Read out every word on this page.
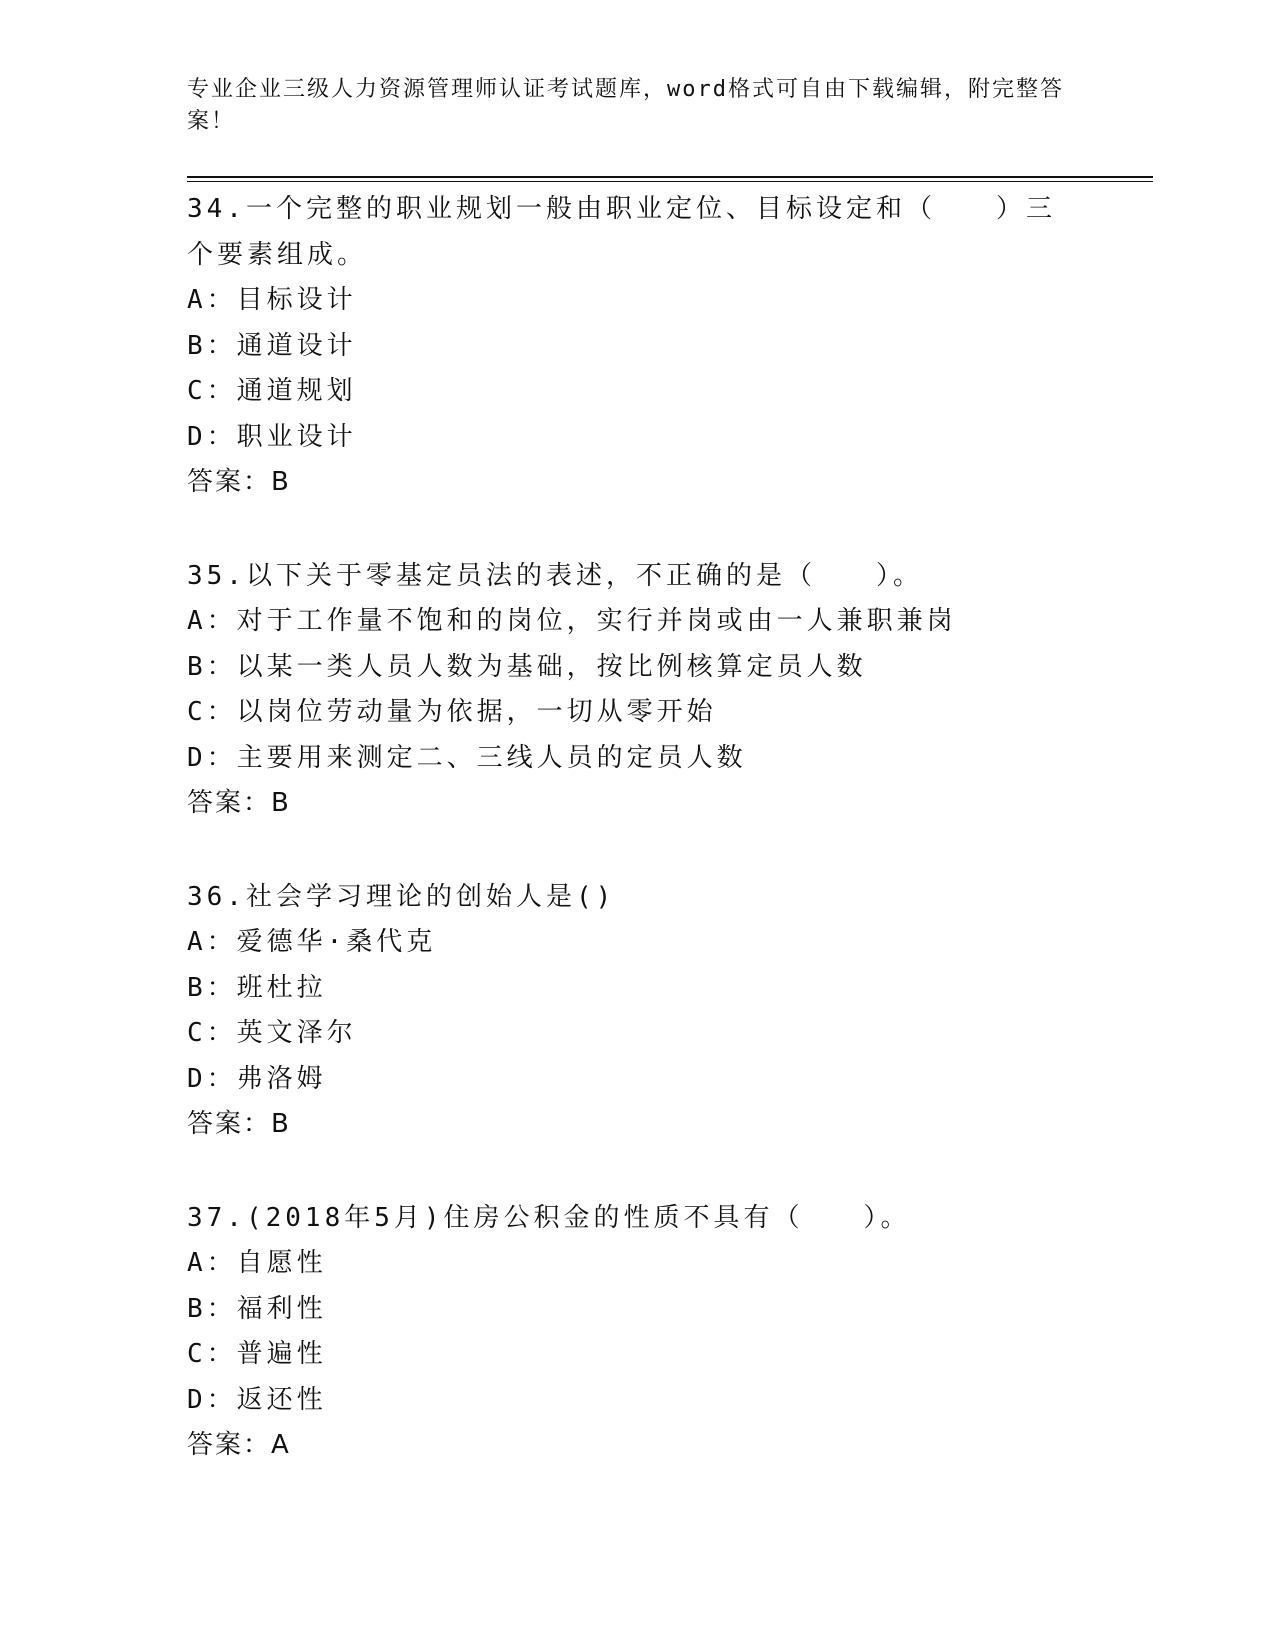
专业企业三级人力资源管理师认证考试题库，word格式可自由下载编辑，附完整答案！
34.一个完整的职业规划一般由职业定位、目标设定和（　　）三个要素组成。
A：目标设计
B：通道设计
C：通道规划
D：职业设计
答案：B
35.以下关于零基定员法的表述，不正确的是（　　）。
A：对于工作量不饱和的岗位，实行并岗或由一人兼职兼岗
B：以某一类人员人数为基础，按比例核算定员人数
C：以岗位劳动量为依据，一切从零开始
D：主要用来测定二、三线人员的定员人数
答案：B
36.社会学习理论的创始人是()
A：爱德华·桑代克
B：班杜拉
C：英文泽尔
D：弗洛姆
答案：B
37.(2018年5月)住房公积金的性质不具有（　　）。
A：自愿性
B：福利性
C：普遍性
D：返还性
答案：A
